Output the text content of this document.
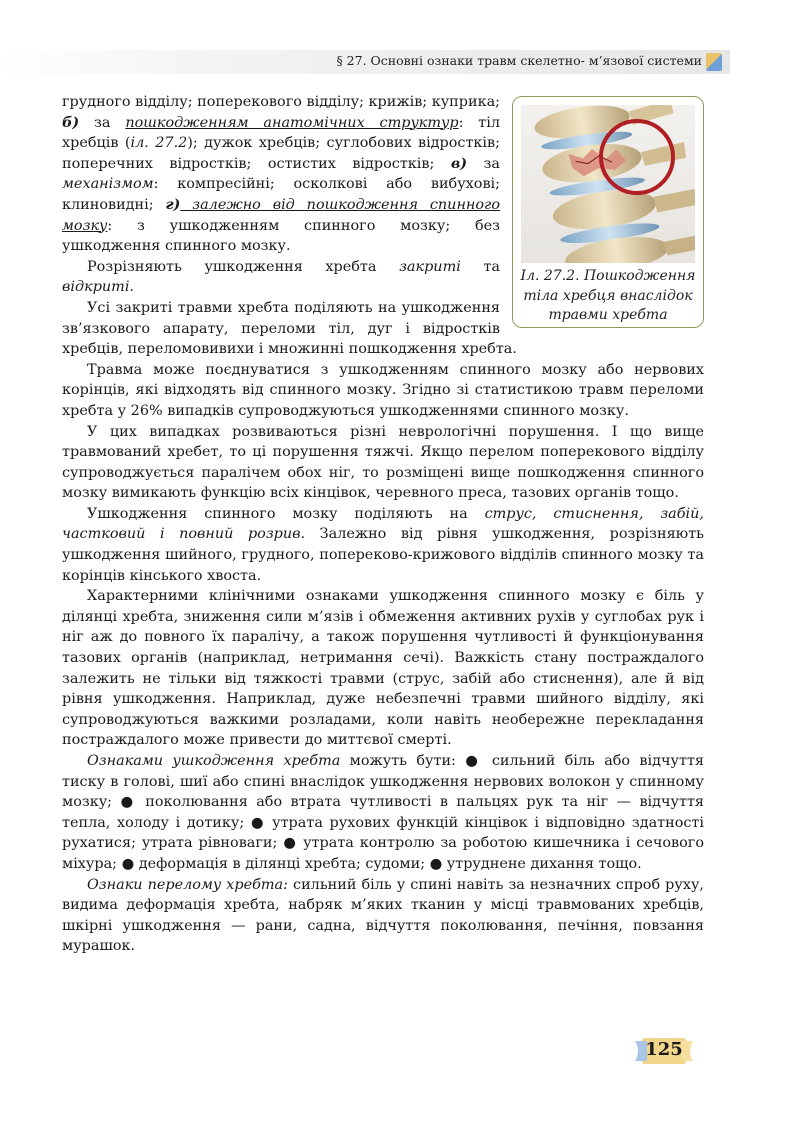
§ 27. Основні ознаки травм скелетно- м’язової системи
Іл. 27.2. Пошкодження тіла хребця внаслідок травми хребта

грудного відділу; поперекового відділу; крижів; куприка; б) за пошкодженням анатомічних структур: тіл хребців (іл. 27.2); дужок хребців; суглобових відростків; поперечних відростків; остистих відростків; в) за механізмом: компресійні; осколкові або вибухові; клиновидні; г) залежно від пошкодження спинного мозку: з ушкодженням спинного мозку; без ушкодження спинного мозку.

Розрізняють ушкодження хребта закриті та відкриті.

Усі закриті травми хребта поділяють на ушкодження зв’язкового апарату, переломи тіл, дуг і відростків хребців, переломовивихи і множинні пошкодження хребта.

Травма може поєднуватися з ушкодженням спинного мозку або нервових корінців, які відходять від спинного мозку. Згідно зі статистикою травм переломи хребта у 26% випадків супроводжуються ушкодженнями спинного мозку.

У цих випадках розвиваються різні неврологічні порушення. І що вище травмований хребет, то ці порушення тяжчі. Якщо перелом поперекового відділу супроводжується паралічем обох ніг, то розміщені вище пошкодження спинного мозку вимикають функцію всіх кінцівок, черевного преса, тазових органів тощо.

Ушкодження спинного мозку поділяють на струс, стиснення, забій, частковий і повний розрив. Залежно від рівня ушкодження, розрізняють ушкодження шийного, грудного, попереково-крижового відділів спинного мозку та корінців кінського хвоста.

Характерними клінічними ознаками ушкодження спинного мозку є біль у ділянці хребта, зниження сили м’язів і обмеження активних рухів у суглобах рук і ніг аж до повного їх паралічу, а також порушення чутливості й функціонування тазових органів (наприклад, нетримання сечі). Важкість стану постраждалого залежить не тільки від тяжкості травми (струс, забій або стиснення), але й від рівня ушкодження. Наприклад, дуже небезпечні травми шийного відділу, які супроводжуються важкими розладами, коли навіть необережне перекладання постраждалого може привести до миттєвої смерті.

Ознаками ушкодження хребта можуть бути: ● сильний біль або відчуття тиску в голові, шиї або спині внаслідок ушкодження нервових волокон у спинному мозку; ● поколювання або втрата чутливості в пальцях рук та ніг — відчуття тепла, холоду і дотику; ● утрата рухових функцій кінцівок і відповідно здатності рухатися; утрата рівноваги; ● утрата контролю за роботою кишечника і сечового міхура; ● деформація в ділянці хребта; судоми; ● утруднене дихання тощо.

Ознаки перелому хребта: сильний біль у спині навіть за незначних спроб руху, видима деформація хребта, набряк м’яких тканин у місці травмованих хребців, шкірні ушкодження — рани, садна, відчуття поколювання, печіння, повзання мурашок.

125
